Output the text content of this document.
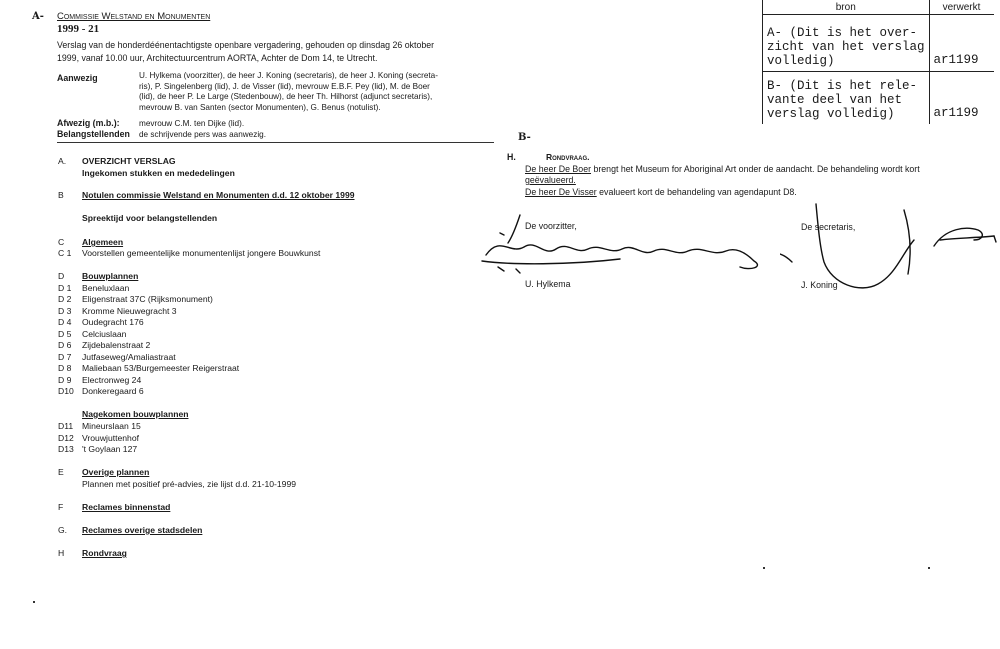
A-
B-
Commissie Welstand en Monumenten
1999 - 21
Verslag van de honderdéénentachtigste openbare vergadering, gehouden op dinsdag 26 oktober
1999, vanaf 10.00 uur, Architectuurcentrum AORTA, Achter de Dom 14, te Utrecht.
Aanwezig	U. Hylkema (voorzitter), de heer J. Koning (secretaris), de heer J. Koning (secreta-
ris), P. Singelenberg (lid), J. de Visser (lid), mevrouw E.B.F. Pey (lid), M. de Boer
(lid), de heer P. Le Large (Stedenbouw), de heer Th. Hilhorst (adjunct secretaris),
mevrouw B. van Santen (sector Monumenten), G. Benus (notulist).
Afwezig (m.b.): mevrouw C.M. ten Dijke (lid).
Belangstellenden de schrijvende pers was aanwezig.
A. OVERZICHT VERSLAG
Ingekomen stukken en mededelingen
B Notulen commissie Welstand en Monumenten d.d. 12 oktober 1999
Spreektijd voor belangstellenden
C Algemeen
C 1 Voorstellen gemeentelijke monumentenlijst jongere Bouwkunst
D Bouwplannen
D 1 Beneluxlaan
D 2 Eligenstraat 37C (Rijksmonument)
D 3 Kromme Nieuwegracht 3
D 4 Oudegracht 176
D 5 Celciuslaan
D 6 Zijdebalenstraat 2
D 7 Jutfaseweg/Amaliastraat
D 8 Maliebaan 53/Burgemeester Reigerstraat
D 9 Electronweg 24
D10 Donkeregaard 6
Nagekomen bouwplannen
D11 Mineurslaan 15
D12 Vrouwjuttenhof
D13 't Goylaan 127
E Overige plannen
Plannen met positief pré-advies, zie lijst d.d. 21-10-1999
F Reclames binnenstad
G. Reclames overige stadsdelen
H Rondvraag
H.	Rondvraag.
De heer De Boer brengt het Museum for Aboriginal Art onder de aandacht. De behandeling wordt kort
geëvalueerd.
De heer De Visser evalueert kort de behandeling van agendapunt D8.
De voorzitter,
U. Hylkema
De secretaris,
J. Koning
bron	verwerkt

A- (Dit is het over-
zicht van het verslag
volledig)	ar1199

B- (Dit is het rele-
vante deel van het
verslag volledig)	ar1199
